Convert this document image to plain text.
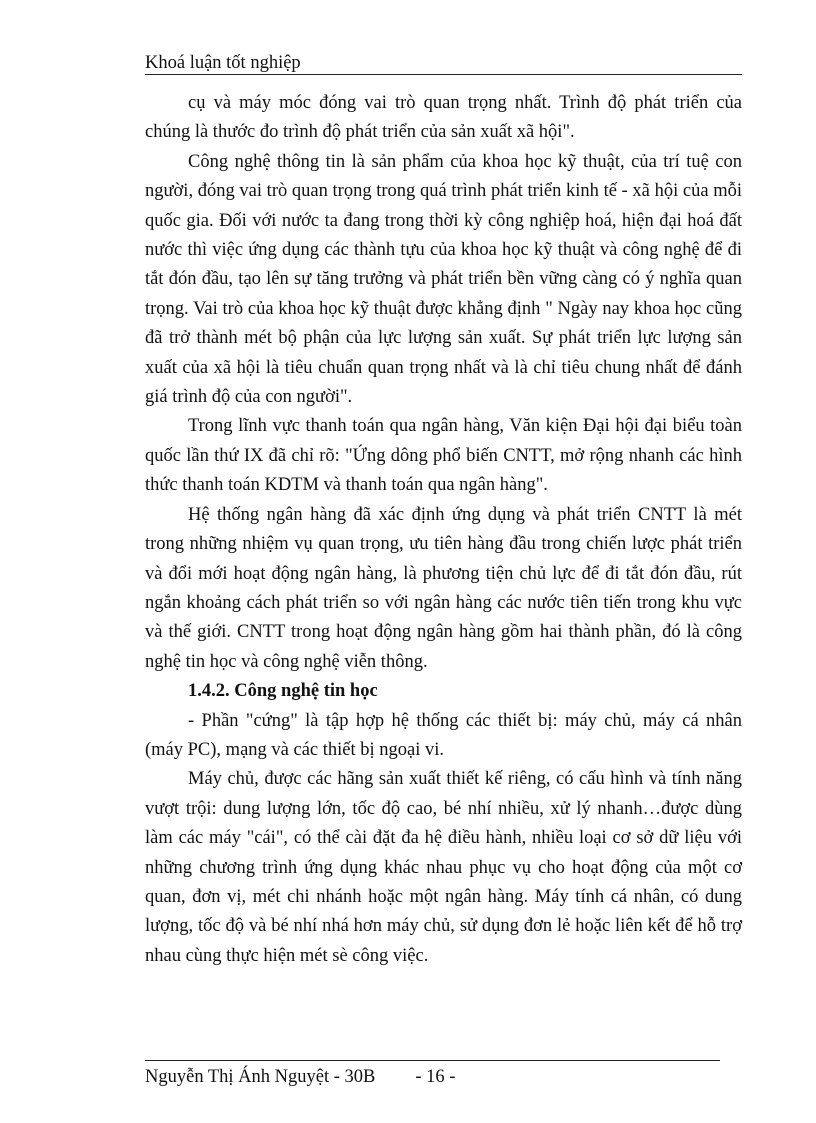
Khoá luận tốt nghiệp

cụ và máy móc đóng vai trò quan trọng nhất. Trình độ phát triển của chúng là thước đo trình độ phát triển của sản xuất xã hội".

Công nghệ thông tin là sản phẩm của khoa học kỹ thuật, của trí tuệ con người, đóng vai trò quan trọng trong quá trình phát triển kinh tế - xã hội của mỗi quốc gia. Đối với nước ta đang trong thời kỳ công nghiệp hoá, hiện đại hoá đất nước thì việc ứng dụng các thành tựu của khoa học kỹ thuật và công nghệ để đi tắt đón đầu, tạo lên sự tăng trưởng và phát triển bền vững càng có ý nghĩa quan trọng. Vai trò của khoa học kỹ thuật được khẳng định " Ngày nay khoa học cũng đã trở thành mét bộ phận của lực lượng sản xuất. Sự phát triển lực lượng sản xuất của xã hội là tiêu chuẩn quan trọng nhất và là chỉ tiêu chung nhất để đánh giá trình độ của con người".

Trong lĩnh vực thanh toán qua ngân hàng, Văn kiện Đại hội đại biểu toàn quốc lần thứ IX đã chỉ rõ: "Ứng dông phổ biến CNTT, mở rộng nhanh các hình thức thanh toán KDTM và thanh toán qua ngân hàng".

Hệ thống ngân hàng đã xác định ứng dụng và phát triển CNTT là mét trong những nhiệm vụ quan trọng, ưu tiên hàng đầu trong chiến lược phát triển và đổi mới hoạt động ngân hàng, là phương tiện chủ lực để đi tắt đón đầu, rút ngắn khoảng cách phát triển so với ngân hàng các nước tiên tiến trong khu vực và thế giới. CNTT trong hoạt động ngân hàng gồm hai thành phần, đó là công nghệ tin học và công nghệ viễn thông.

1.4.2. Công nghệ tin học

- Phần "cứng" là tập hợp hệ thống các thiết bị: máy chủ, máy cá nhân (máy PC), mạng và các thiết bị ngoại vi.

Máy chủ, được các hãng sản xuất thiết kế riêng, có cấu hình và tính năng vượt trội: dung lượng lớn, tốc độ cao, bé nhí nhiều, xử lý nhanh…được dùng làm các máy "cái", có thể cài đặt đa hệ điều hành, nhiều loại cơ sở dữ liệu với những chương trình ứng dụng khác nhau phục vụ cho hoạt động của một cơ quan, đơn vị, mét chi nhánh hoặc một ngân hàng. Máy tính cá nhân, có dung lượng, tốc độ và bé nhí nhá hơn máy chủ, sử dụng đơn lẻ hoặc liên kết để hỗ trợ nhau cùng thực hiện mét sè công việc.

Nguyễn Thị Ánh Nguyệt - 30B - 16 -
